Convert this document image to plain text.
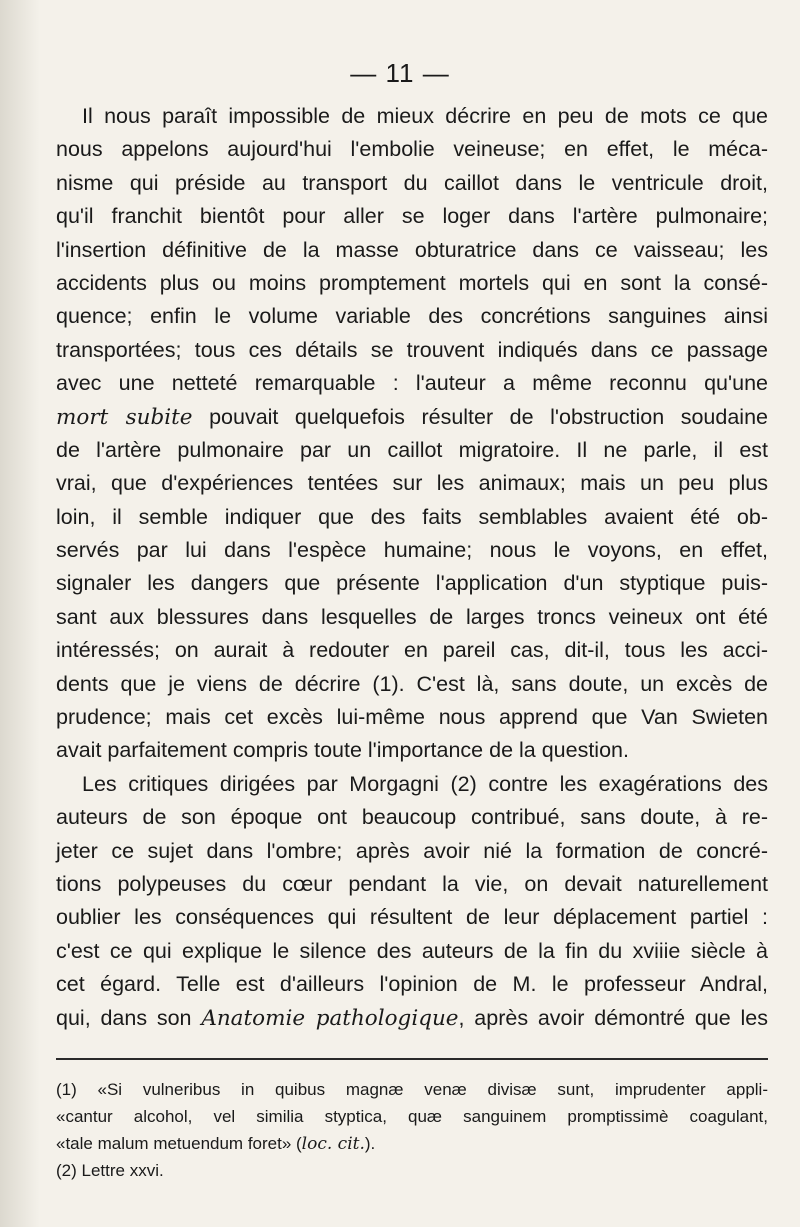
— 11 —
Il nous paraît impossible de mieux décrire en peu de mots ce que
nous appelons aujourd'hui l'embolie veineuse; en effet, le méca-
nisme qui préside au transport du caillot dans le ventricule droit,
qu'il franchit bientôt pour aller se loger dans l'artère pulmonaire;
l'insertion définitive de la masse obturatrice dans ce vaisseau; les
accidents plus ou moins promptement mortels qui en sont la consé-
quence; enfin le volume variable des concrétions sanguines ainsi
transportées; tous ces détails se trouvent indiqués dans ce passage
avec une netteté remarquable : l'auteur a même reconnu qu'une
mort subite pouvait quelquefois résulter de l'obstruction soudaine
de l'artère pulmonaire par un caillot migratoire. Il ne parle, il est
vrai, que d'expériences tentées sur les animaux; mais un peu plus
loin, il semble indiquer que des faits semblables avaient été ob-
servés par lui dans l'espèce humaine; nous le voyons, en effet,
signaler les dangers que présente l'application d'un styptique puis-
sant aux blessures dans lesquelles de larges troncs veineux ont été
intéressés; on aurait à redouter en pareil cas, dit-il, tous les acci-
dents que je viens de décrire (1). C'est là, sans doute, un excès de
prudence; mais cet excès lui-même nous apprend que Van Swieten
avait parfaitement compris toute l'importance de la question.
Les critiques dirigées par Morgagni (2) contre les exagérations des
auteurs de son époque ont beaucoup contribué, sans doute, à re-
jeter ce sujet dans l'ombre; après avoir nié la formation de concré-
tions polypeuses du cœur pendant la vie, on devait naturellement
oublier les conséquences qui résultent de leur déplacement partiel :
c'est ce qui explique le silence des auteurs de la fin du xviiie siècle à
cet égard. Telle est d'ailleurs l'opinion de M. le professeur Andral,
qui, dans son Anatomie pathologique, après avoir démontré que les
(1) «Si vulneribus in quibus magnæ venæ divisæ sunt, imprudenter appli-
«cantur alcohol, vel similia styptica, quæ sanguinem promptissimè coagulant,
«tale malum metuendum foret» (loc. cit.).
(2) Lettre xxvi.
